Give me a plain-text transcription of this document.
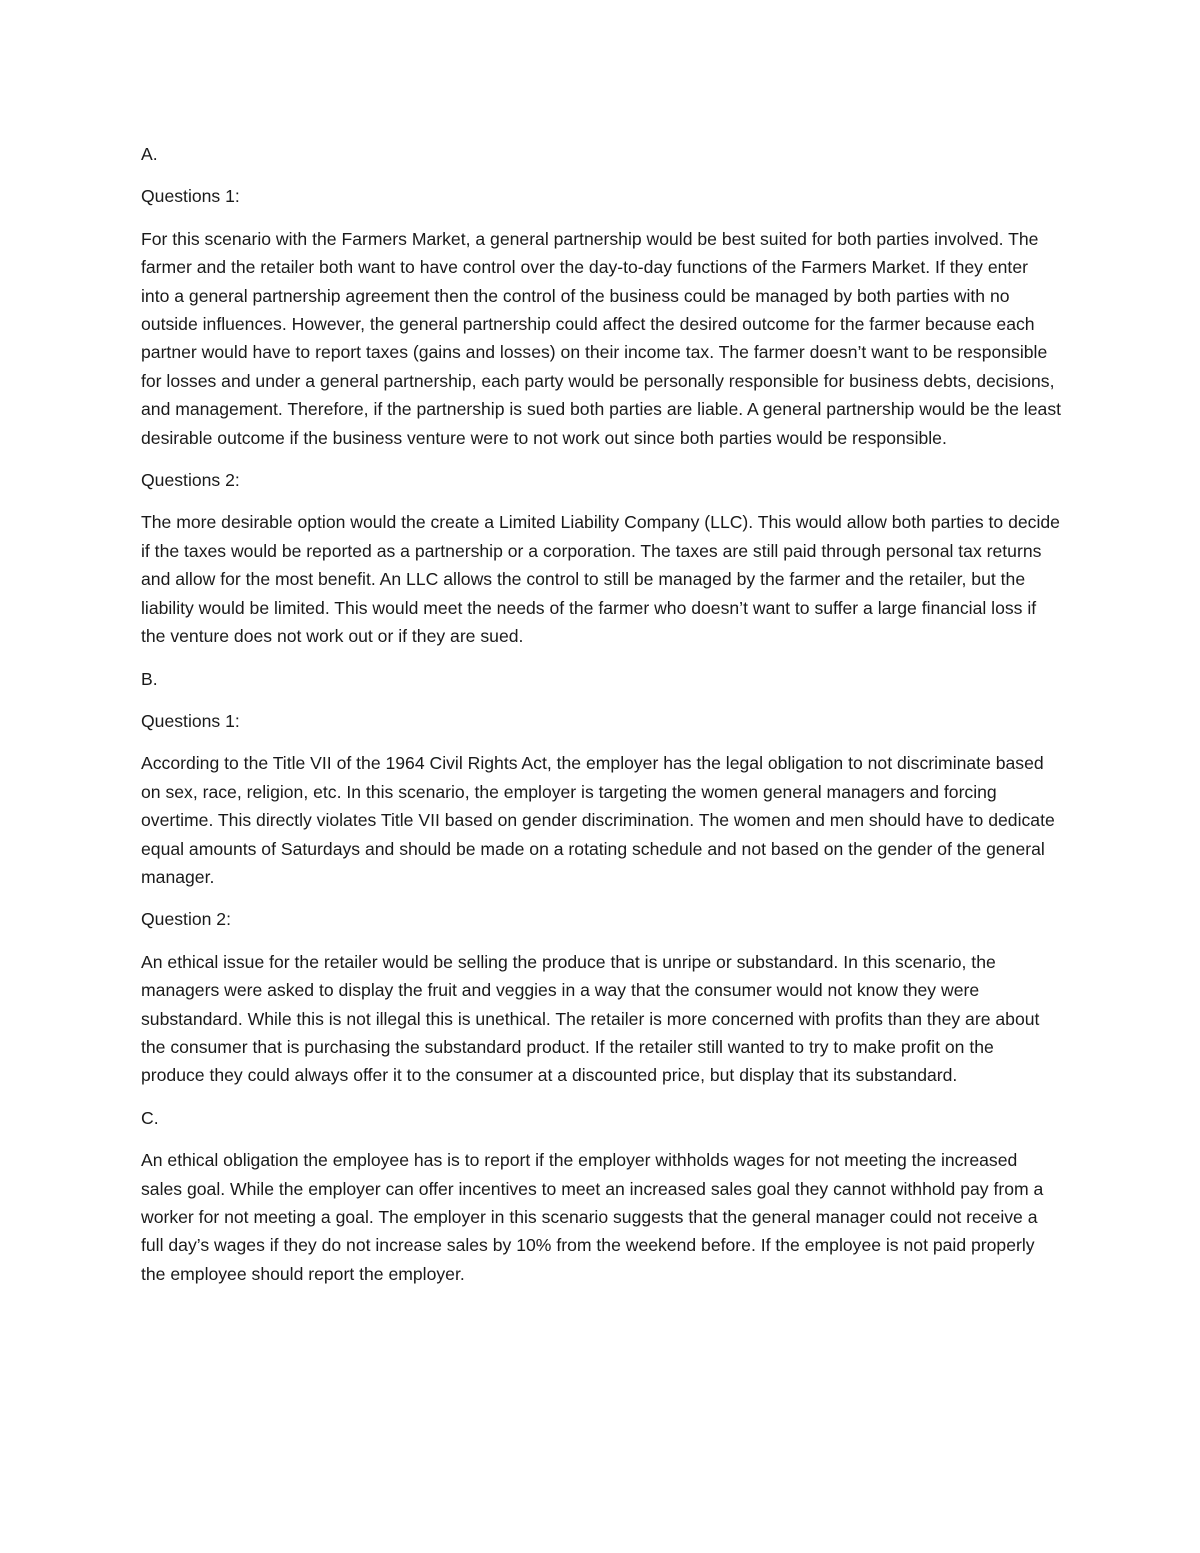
A.

Questions 1:

For this scenario with the Farmers Market, a general partnership would be best suited for both parties involved. The farmer and the retailer both want to have control over the day-to-day functions of the Farmers Market. If they enter into a general partnership agreement then the control of the business could be managed by both parties with no outside influences. However, the general partnership could affect the desired outcome for the farmer because each partner would have to report taxes (gains and losses) on their income tax. The farmer doesn’t want to be responsible for losses and under a general partnership, each party would be personally responsible for business debts, decisions, and management. Therefore, if the partnership is sued both parties are liable. A general partnership would be the least desirable outcome if the business venture were to not work out since both parties would be responsible.

Questions 2:

The more desirable option would the create a Limited Liability Company (LLC). This would allow both parties to decide if the taxes would be reported as a partnership or a corporation. The taxes are still paid through personal tax returns and allow for the most benefit. An LLC allows the control to still be managed by the farmer and the retailer, but the liability would be limited. This would meet the needs of the farmer who doesn’t want to suffer a large financial loss if the venture does not work out or if they are sued.

B.

Questions 1:

According to the Title VII of the 1964 Civil Rights Act, the employer has the legal obligation to not discriminate based on sex, race, religion, etc. In this scenario, the employer is targeting the women general managers and forcing overtime. This directly violates Title VII based on gender discrimination. The women and men should have to dedicate equal amounts of Saturdays and should be made on a rotating schedule and not based on the gender of the general manager.

Question 2:

An ethical issue for the retailer would be selling the produce that is unripe or substandard. In this scenario, the managers were asked to display the fruit and veggies in a way that the consumer would not know they were substandard. While this is not illegal this is unethical. The retailer is more concerned with profits than they are about the consumer that is purchasing the substandard product. If the retailer still wanted to try to make profit on the produce they could always offer it to the consumer at a discounted price, but display that its substandard.

C.

An ethical obligation the employee has is to report if the employer withholds wages for not meeting the increased sales goal. While the employer can offer incentives to meet an increased sales goal they cannot withhold pay from a worker for not meeting a goal. The employer in this scenario suggests that the general manager could not receive a full day’s wages if they do not increase sales by 10% from the weekend before. If the employee is not paid properly the employee should report the employer.
